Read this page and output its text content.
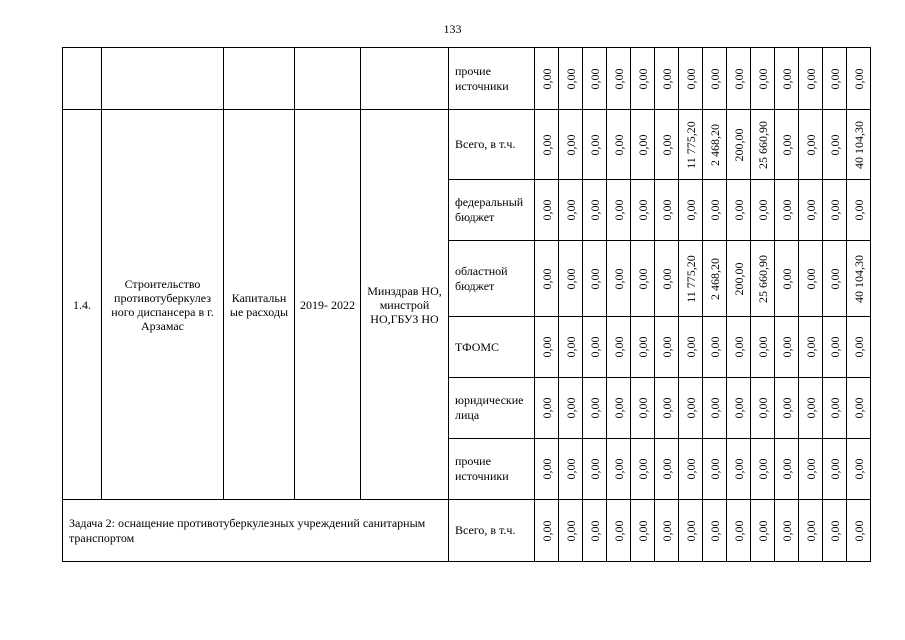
133
					прочие источники	0,00	0,00	0,00	0,00	0,00	0,00	0,00	0,00	0,00	0,00	0,00	0,00	0,00	0,00

1.4.	Строительство противотуберкулез ного диспансера в г. Арзамас	Капитальн ые расходы	2019- 2022	Минздрав НО, минстрой НО,ГБУЗ НО	Всего, в т.ч.	0,00	0,00	0,00	0,00	0,00	0,00	11 775,20	2 468,20	200,00	25 660,90	0,00	0,00	0,00	40 104,30

					федеральный бюджет	0,00	0,00	0,00	0,00	0,00	0,00	0,00	0,00	0,00	0,00	0,00	0,00	0,00	0,00

					областной бюджет	0,00	0,00	0,00	0,00	0,00	0,00	11 775,20	2 468,20	200,00	25 660,90	0,00	0,00	0,00	40 104,30

					ТФОМС	0,00	0,00	0,00	0,00	0,00	0,00	0,00	0,00	0,00	0,00	0,00	0,00	0,00	0,00

					юридические лица	0,00	0,00	0,00	0,00	0,00	0,00	0,00	0,00	0,00	0,00	0,00	0,00	0,00	0,00

					прочие источники	0,00	0,00	0,00	0,00	0,00	0,00	0,00	0,00	0,00	0,00	0,00	0,00	0,00	0,00

Задача 2: оснащение противотуберкулезных учреждений санитарным транспортом					Всего, в т.ч.	0,00	0,00	0,00	0,00	0,00	0,00	0,00	0,00	0,00	0,00	0,00	0,00	0,00	0,00
